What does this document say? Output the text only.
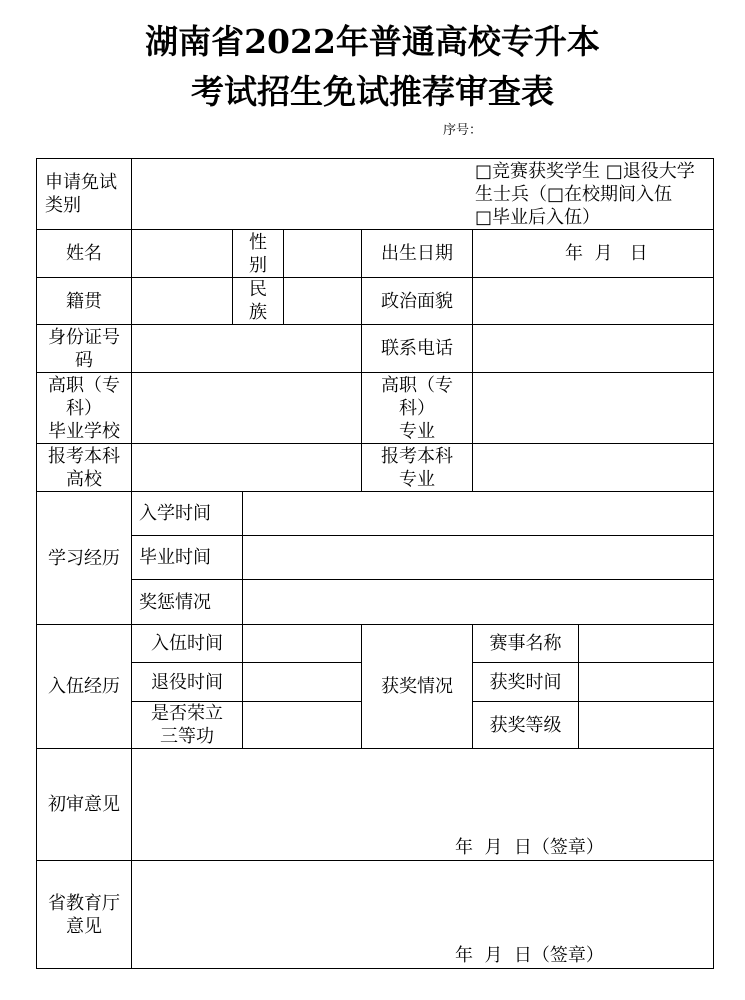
湖南省2022年普通高校专升本
考试招生免试推荐审查表
序号：
申请免试类别
□竞赛获奖学生 □退役大学
生士兵（□在校期间入伍
□毕业后入伍）
姓名
性别
出生日期	年  月   日
籍贯
民族
政治面貌
身份证号码
联系电话
高职（专科）
毕业学校
高职（专科）
专业
报考本科高校
报考本科专业
学习经历
入学时间
毕业时间
奖惩情况
入伍经历
入伍时间
退役时间
是否荣立三等功
获奖情况
赛事名称
获奖时间
获奖等级
初审意见
年  月  日（签章）
省教育厅意见
年  月  日（签章）
